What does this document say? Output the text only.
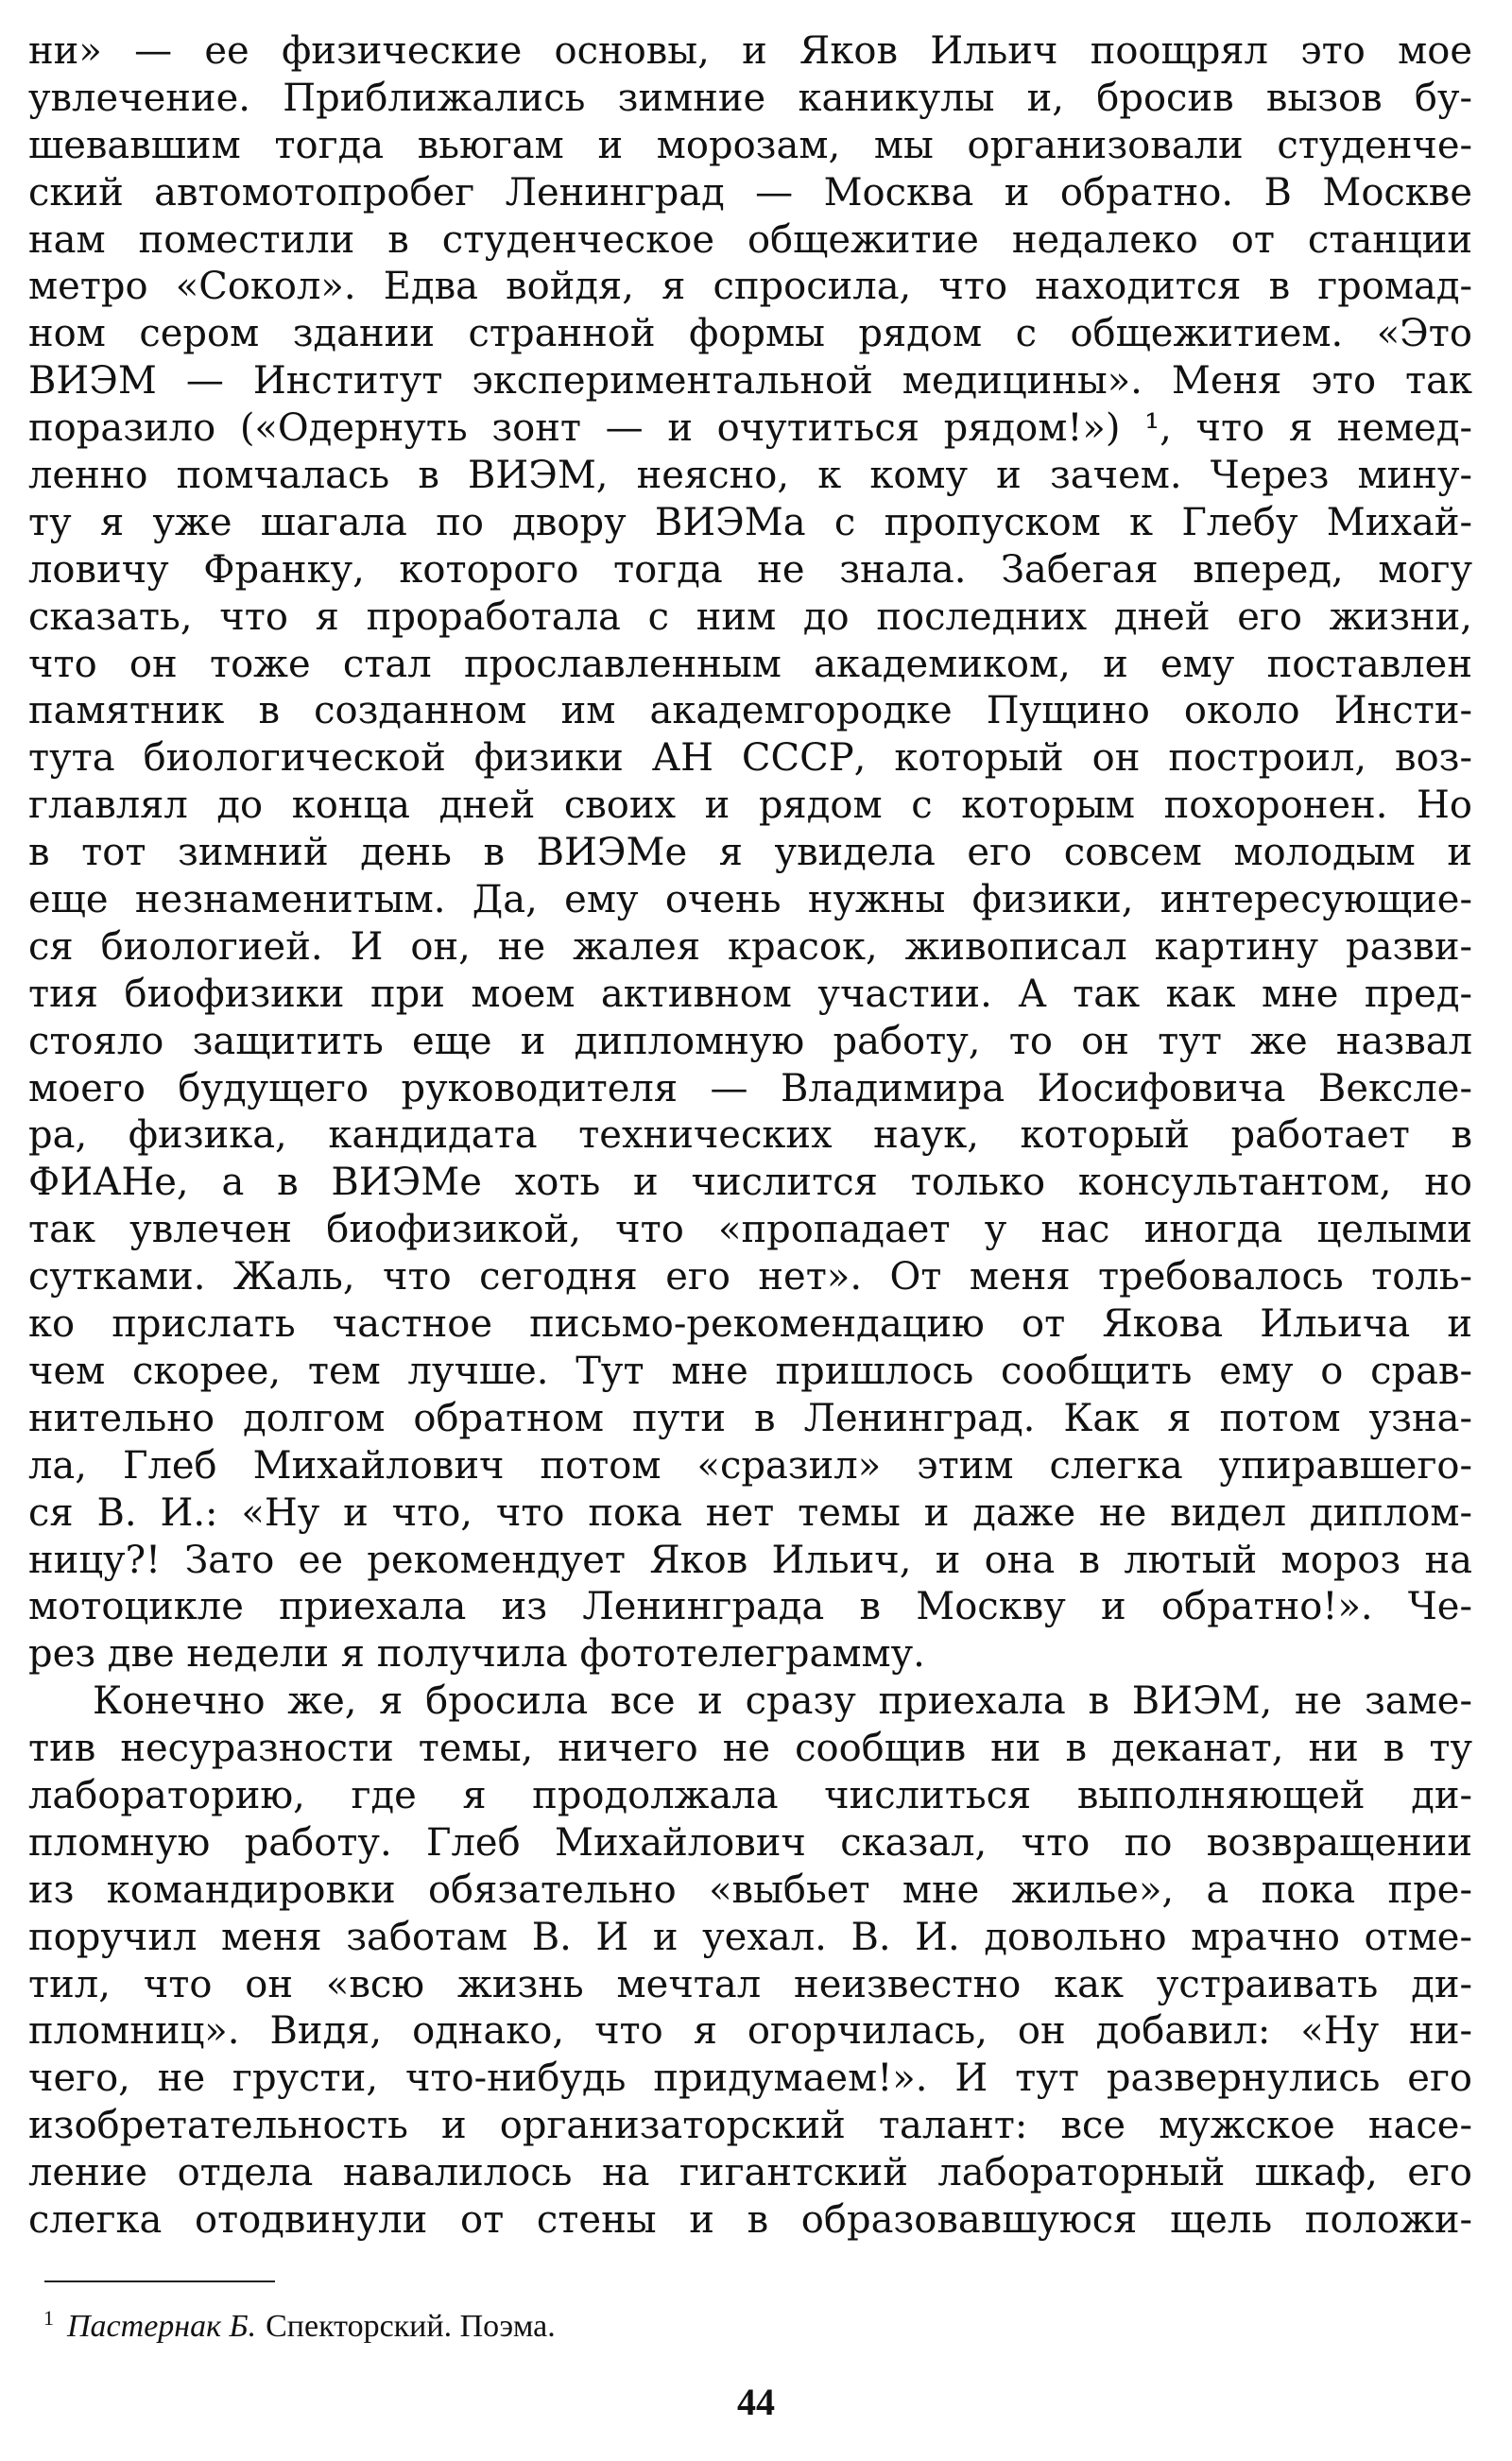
ни» — ее физические основы, и Яков Ильич поощрял это мое
увлечение. Приближались зимние каникулы и, бросив вызов бу-
шевавшим тогда вьюгам и морозам, мы организовали студенче-
ский автомотопробег Ленинград — Москва и обратно. В Москве
нам поместили в студенческое общежитие недалеко от станции
метро «Сокол». Едва войдя, я спросила, что находится в громад-
ном сером здании странной формы рядом с общежитием. «Это
ВИЭМ — Институт экспериментальной медицины». Меня это так
поразило («Одернуть зонт — и очутиться рядом!») ¹, что я немед-
ленно помчалась в ВИЭМ, неясно, к кому и зачем. Через мину-
ту я уже шагала по двору ВИЭМа с пропуском к Глебу Михай-
ловичу Франку, которого тогда не знала. Забегая вперед, могу
сказать, что я проработала с ним до последних дней его жизни,
что он тоже стал прославленным академиком, и ему поставлен
памятник в созданном им академгородке Пущино около Инсти-
тута биологической физики АН СССР, который он построил, воз-
главлял до конца дней своих и рядом с которым похоронен. Но
в тот зимний день в ВИЭМе я увидела его совсем молодым и
еще незнаменитым. Да, ему очень нужны физики, интересующие-
ся биологией. И он, не жалея красок, живописал картину разви-
тия биофизики при моем активном участии. А так как мне пред-
стояло защитить еще и дипломную работу, то он тут же назвал
моего будущего руководителя — Владимира Иосифовича Вексле-
ра, физика, кандидата технических наук, который работает в
ФИАНе, а в ВИЭМе хоть и числится только консультантом, но
так увлечен биофизикой, что «пропадает у нас иногда целыми
сутками. Жаль, что сегодня его нет». От меня требовалось толь-
ко прислать частное письмо-рекомендацию от Якова Ильича и
чем скорее, тем лучше. Тут мне пришлось сообщить ему о срав-
нительно долгом обратном пути в Ленинград. Как я потом узна-
ла, Глеб Михайлович потом «сразил» этим слегка упиравшего-
ся В. И.: «Ну и что, что пока нет темы и даже не видел диплом-
ницу?! Зато ее рекомендует Яков Ильич, и она в лютый мороз на
мотоцикле приехала из Ленинграда в Москву и обратно!». Че-
рез две недели я получила фототелеграмму.
Конечно же, я бросила все и сразу приехала в ВИЭМ, не заме-
тив несуразности темы, ничего не сообщив ни в деканат, ни в ту
лабораторию, где я продолжала числиться выполняющей ди-
пломную работу. Глеб Михайлович сказал, что по возвращении
из командировки обязательно «выбьет мне жилье», а пока пре-
поручил меня заботам В. И и уехал. В. И. довольно мрачно отме-
тил, что он «всю жизнь мечтал неизвестно как устраивать ди-
пломниц». Видя, однако, что я огорчилась, он добавил: «Ну ни-
чего, не грусти, что-нибудь придумаем!». И тут развернулись его
изобретательность и организаторский талант: все мужское насе-
ление отдела навалилось на гигантский лабораторный шкаф, его
слегка отодвинули от стены и в образовавшуюся щель положи-
$^1$ Пастернак Б. Спекторский. Поэма.
44
